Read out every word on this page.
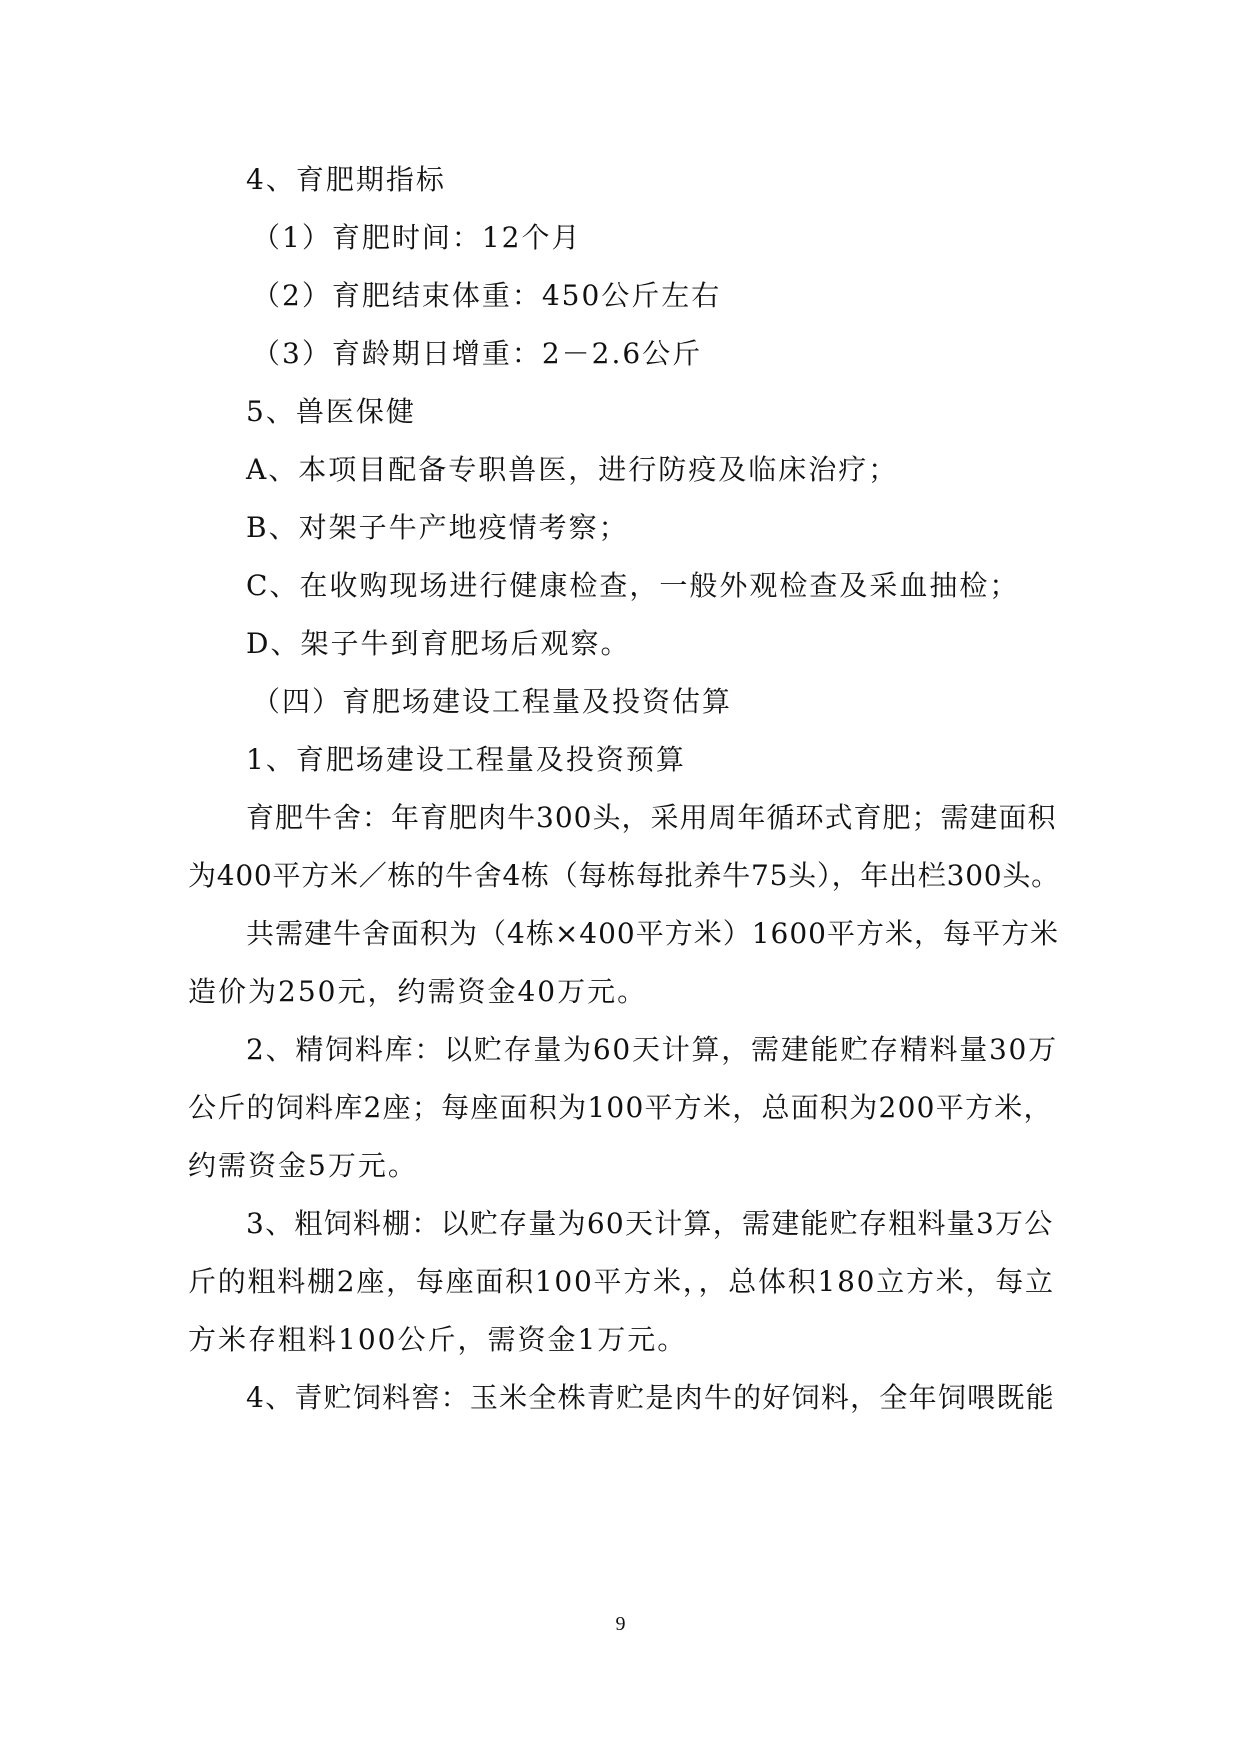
4、育肥期指标
（1）育肥时间：12个月
（2）育肥结束体重：450公斤左右
（3）育龄期日增重：2－2.6公斤
5、兽医保健
A、本项目配备专职兽医，进行防疫及临床治疗；
B、对架子牛产地疫情考察；
C、在收购现场进行健康检查，一般外观检查及采血抽检；
D、架子牛到育肥场后观察。
（四）育肥场建设工程量及投资估算
1、育肥场建设工程量及投资预算
育肥牛舍：年育肥肉牛300头，采用周年循环式育肥；需建面积
为400平方米／栋的牛舍4栋（每栋每批养牛75头），年出栏300头。
共需建牛舍面积为（4栋×400平方米）1600平方米，每平方米
造价为250元，约需资金40万元。
2、精饲料库：以贮存量为60天计算，需建能贮存精料量30万
公斤的饲料库2座；每座面积为100平方米，总面积为200平方米，
约需资金5万元。
3、粗饲料棚：以贮存量为60天计算，需建能贮存粗料量3万公
斤的粗料棚2座，每座面积100平方米，，总体积180立方米，每立
方米存粗料100公斤，需资金1万元。
4、青贮饲料窖：玉米全株青贮是肉牛的好饲料，全年饲喂既能
9
